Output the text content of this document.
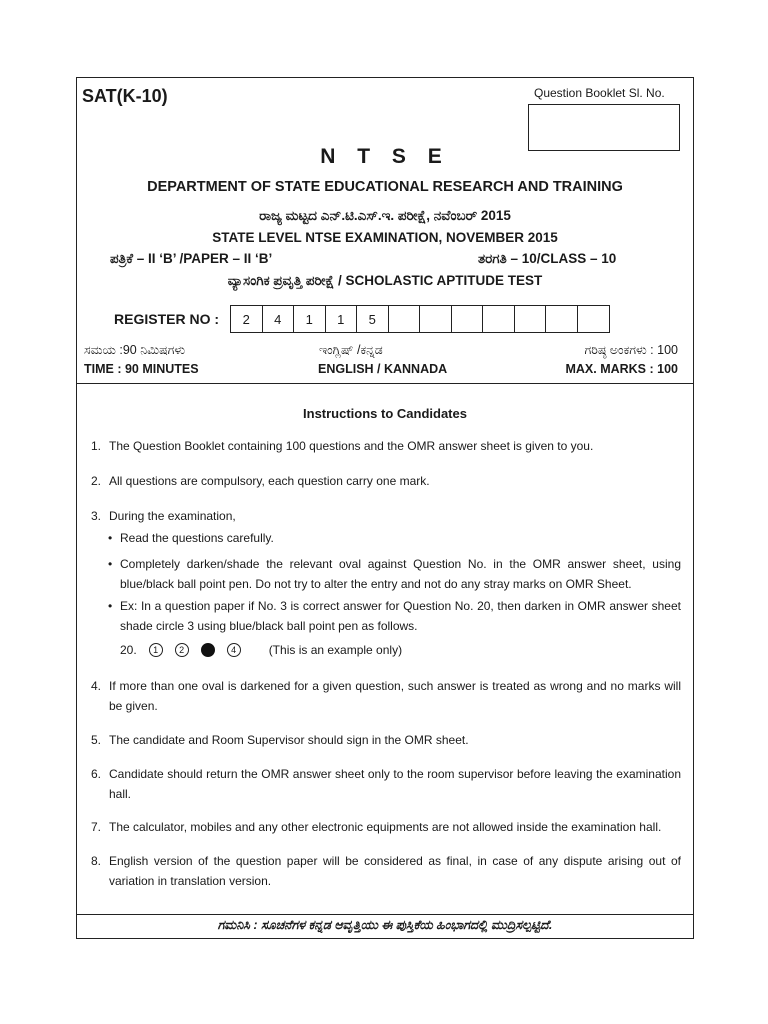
SAT(K-10)	Question Booklet Sl. No.
N T S E
DEPARTMENT OF STATE EDUCATIONAL RESEARCH AND TRAINING
ರಾಜ್ಯ ಮಟ್ಟದ ಎನ್.ಟಿ.ಎಸ್.ಇ. ಪರೀಕ್ಷೆ, ನವೆಂಬರ್ 2015
STATE LEVEL NTSE EXAMINATION, NOVEMBER 2015
ಪತ್ರಿಕೆ – II ‘B’ /PAPER – II ‘B’	ತರಗತಿ – 10/CLASS – 10
ವ್ಯಾಸಂಗಿಕ ಪ್ರವೃತ್ತಿ ಪರೀಕ್ಷೆ / SCHOLASTIC APTITUDE TEST
REGISTER NO :	2	4	1	1	5
ಸಮಯ :90 ನಿಮಿಷಗಳು	ಇಂಗ್ಲಿಷ್ /ಕನ್ನಡ	ಗರಿಷ್ಠ ಅಂಕಗಳು : 100
TIME : 90 MINUTES	ENGLISH / KANNADA	MAX. MARKS : 100
Instructions to Candidates
1. The Question Booklet containing 100 questions and the OMR answer sheet is given to you.
2. All questions are compulsory, each question carry one mark.
3. During the examination,
• Read the questions carefully.
• Completely darken/shade the relevant oval against Question No. in the OMR answer sheet, using blue/black ball point pen. Do not try to alter the entry and not do any stray marks on OMR Sheet.
• Ex: In a question paper if No. 3 is correct answer for Question No. 20, then darken in OMR answer sheet shade circle 3 using blue/black ball point pen as follows.
20.	1	2	4	(This is an example only)
4. If more than one oval is darkened for a given question, such answer is treated as wrong and no marks will be given.
5. The candidate and Room Supervisor should sign in the OMR sheet.
6. Candidate should return the OMR answer sheet only to the room supervisor before leaving the examination hall.
7. The calculator, mobiles and any other electronic equipments are not allowed inside the examination hall.
8. English version of the question paper will be considered as final, in case of any dispute arising out of variation in translation version.
ಗಮನಿಸಿ : ಸೂಚನೆಗಳ ಕನ್ನಡ ಆವೃತ್ತಿಯು ಈ ಪುಸ್ತಿಕೆಯ ಹಿಂಭಾಗದಲ್ಲಿ ಮುದ್ರಿಸಲ್ಪಟ್ಟಿದೆ.
